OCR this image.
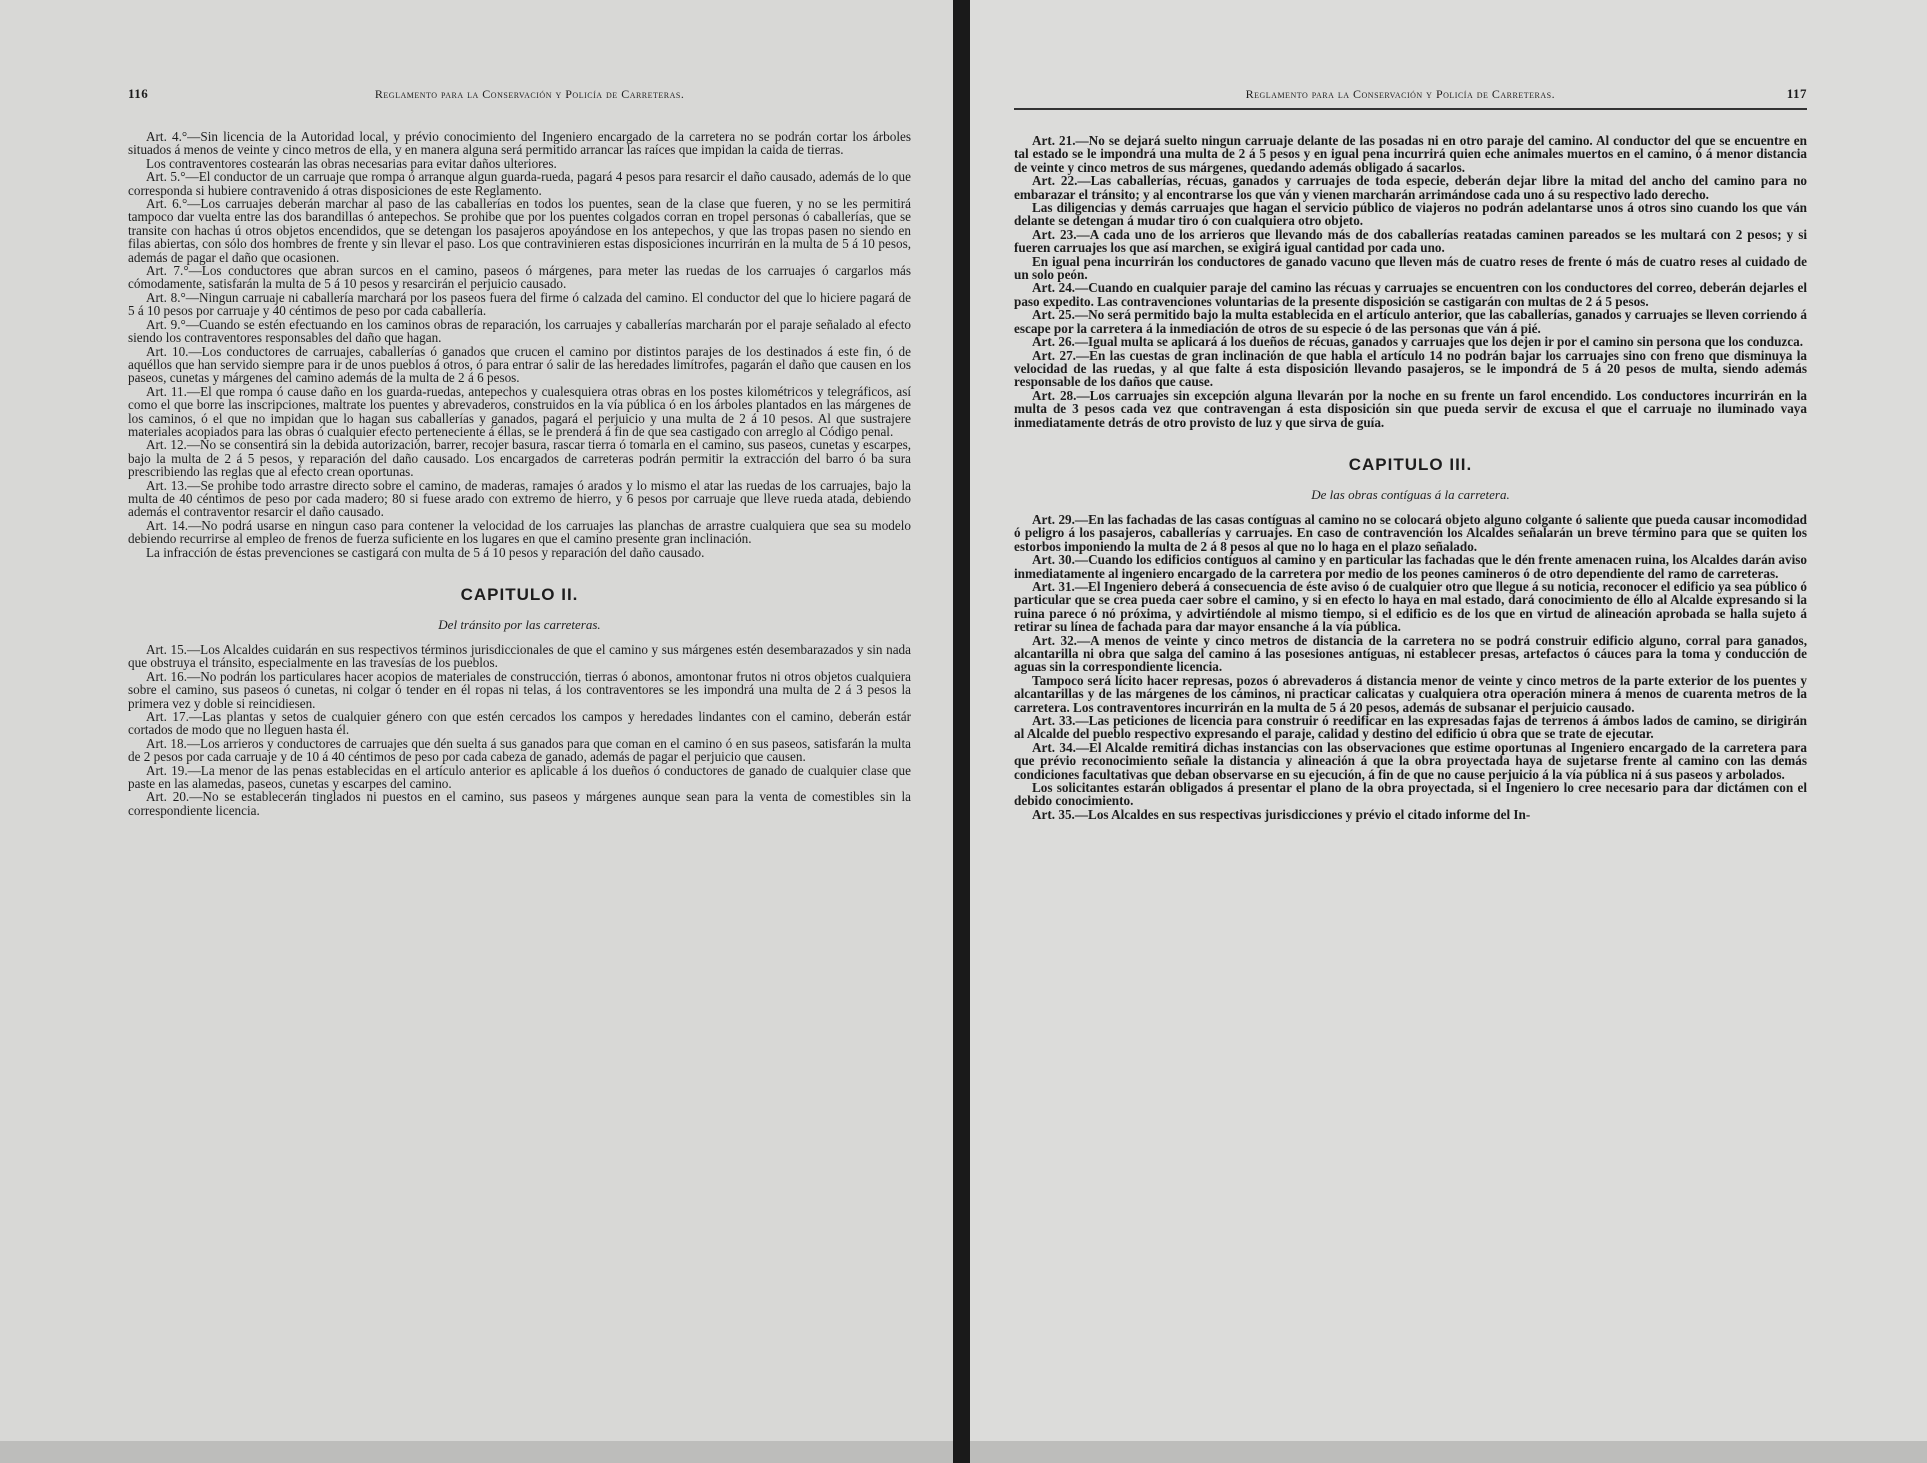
116	Reglamento para la Conservación y Policía de Carreteras.

Art. 4.°—Sin licencia de la Autoridad local, y prévio conocimiento del Ingeniero encargado de la carretera no se podrán cortar los árboles situados á menos de veinte y cinco metros de ella, y en manera alguna será permitido arrancar las raíces que impidan la caida de tierras.

Los contraventores costearán las obras necesarias para evitar daños ulteriores.

Art. 5.°—El conductor de un carruaje que rompa ó arranque algun guarda-rueda, pagará 4 pesos para resarcir el daño causado, además de lo que corresponda si hubiere contravenido á otras disposiciones de este Reglamento.

Art. 6.°—Los carruajes deberán marchar al paso de las caballerías en todos los puentes, sean de la clase que fueren, y no se les permitirá tampoco dar vuelta entre las dos barandillas ó antepechos. Se prohibe que por los puentes colgados corran en tropel personas ó caballerías, que se transite con hachas ú otros objetos encendidos, que se detengan los pasajeros apoyándose en los antepechos, y que las tropas pasen no siendo en filas abiertas, con sólo dos hombres de frente y sin llevar el paso. Los que contravinieren estas disposiciones incurrirán en la multa de 5 á 10 pesos, además de pagar el daño que ocasionen.

Art. 7.°—Los conductores que abran surcos en el camino, paseos ó márgenes, para meter las ruedas de los carruajes ó cargarlos más cómodamente, satisfarán la multa de 5 á 10 pesos y resarcirán el perjuicio causado.

Art. 8.°—Ningun carruaje ni caballería marchará por los paseos fuera del firme ó calzada del camino. El conductor del que lo hiciere pagará de 5 á 10 pesos por carruaje y 40 céntimos de peso por cada caballería.

Art. 9.°—Cuando se estén efectuando en los caminos obras de reparación, los carruajes y caballerías marcharán por el paraje señalado al efecto siendo los contraventores responsables del daño que hagan.

Art. 10.—Los conductores de carruajes, caballerías ó ganados que crucen el camino por distintos parajes de los destinados á este fin, ó de aquéllos que han servido siempre para ir de unos pueblos á otros, ó para entrar ó salir de las heredades limítrofes, pagarán el daño que causen en los paseos, cunetas y márgenes del camino además de la multa de 2 á 6 pesos.

Art. 11.—El que rompa ó cause daño en los guarda-ruedas, antepechos y cualesquiera otras obras en los postes kilométricos y telegráficos, así como el que borre las inscripciones, maltrate los puentes y abrevaderos, construidos en la vía pública ó en los árboles plantados en las márgenes de los caminos, ó el que no impidan que lo hagan sus caballerías y ganados, pagará el perjuicio y una multa de 2 á 10 pesos. Al que sustrajere materiales acopiados para las obras ó cualquier efecto perteneciente á éllas, se le prenderá á fin de que sea castigado con arreglo al Código penal.

Art. 12.—No se consentirá sin la debida autorización, barrer, recojer basura, rascar tierra ó tomarla en el camino, sus paseos, cunetas y escarpes, bajo la multa de 2 á 5 pesos, y reparación del daño causado. Los encargados de carreteras podrán permitir la extracción del barro ó ba sura prescribiendo las reglas que al efecto crean oportunas.

Art. 13.—Se prohibe todo arrastre directo sobre el camino, de maderas, ramajes ó arados y lo mismo el atar las ruedas de los carruajes, bajo la multa de 40 céntimos de peso por cada madero; 80 si fuese arado con extremo de hierro, y 6 pesos por carruaje que lleve rueda atada, debiendo además el contraventor resarcir el daño causado.

Art. 14.—No podrá usarse en ningun caso para contener la velocidad de los carruajes las planchas de arrastre cualquiera que sea su modelo debiendo recurrirse al empleo de frenos de fuerza suficiente en los lugares en que el camino presente gran inclinación.

La infracción de éstas prevenciones se castigará con multa de 5 á 10 pesos y reparación del daño causado.

CAPITULO II.
Del tránsito por las carreteras.

Art. 15.—Los Alcaldes cuidarán en sus respectivos términos jurisdiccionales de que el camino y sus márgenes estén desembarazados y sin nada que obstruya el tránsito, especialmente en las travesías de los pueblos.

Art. 16.—No podrán los particulares hacer acopios de materiales de construcción, tierras ó abonos, amontonar frutos ni otros objetos cualquiera sobre el camino, sus paseos ó cunetas, ni colgar ó tender en él ropas ni telas, á los contraventores se les impondrá una multa de 2 á 3 pesos la primera vez y doble si reincidiesen.

Art. 17.—Las plantas y setos de cualquier género con que estén cercados los campos y heredades lindantes con el camino, deberán estár cortados de modo que no lleguen hasta él.

Art. 18.—Los arrieros y conductores de carruajes que dén suelta á sus ganados para que coman en el camino ó en sus paseos, satisfarán la multa de 2 pesos por cada carruaje y de 10 á 40 céntimos de peso por cada cabeza de ganado, además de pagar el perjuicio que causen.

Art. 19.—La menor de las penas establecidas en el artículo anterior es aplicable á los dueños ó conductores de ganado de cualquier clase que paste en las alamedas, paseos, cunetas y escarpes del camino.

Art. 20.—No se establecerán tinglados ni puestos en el camino, sus paseos y márgenes aunque sean para la venta de comestibles sin la correspondiente licencia.

Reglamento para la Conservación y Policía de Carreteras.	117

Art. 21.—No se dejará suelto ningun carruaje delante de las posadas ni en otro paraje del camino. Al conductor del que se encuentre en tal estado se le impondrá una multa de 2 á 5 pesos y en igual pena incurrirá quien eche animales muertos en el camino, ó á menor distancia de veinte y cinco metros de sus márgenes, quedando además obligado á sacarlos.

Art. 22.—Las caballerías, récuas, ganados y carruajes de toda especie, deberán dejar libre la mitad del ancho del camino para no embarazar el tránsito; y al encontrarse los que ván y vienen marcharán arrimándose cada uno á su respectivo lado derecho.

Las diligencias y demás carruajes que hagan el servicio público de viajeros no podrán adelantarse unos á otros sino cuando los que ván delante se detengan á mudar tiro ó con cualquiera otro objeto.

Art. 23.—A cada uno de los arrieros que llevando más de dos caballerías reatadas caminen pareados se les multará con 2 pesos; y si fueren carruajes los que así marchen, se exigirá igual cantidad por cada uno.

En igual pena incurrirán los conductores de ganado vacuno que lleven más de cuatro reses de frente ó más de cuatro reses al cuidado de un solo peón.

Art. 24.—Cuando en cualquier paraje del camino las récuas y carruajes se encuentren con los conductores del correo, deberán dejarles el paso expedito. Las contravenciones voluntarias de la presente disposición se castigarán con multas de 2 á 5 pesos.

Art. 25.—No será permitido bajo la multa establecida en el artículo anterior, que las caballerías, ganados y carruajes se lleven corriendo á escape por la carretera á la inmediación de otros de su especie ó de las personas que ván á pié.

Art. 26.—Igual multa se aplicará á los dueños de récuas, ganados y carruajes que los dejen ir por el camino sin persona que los conduzca.

Art. 27.—En las cuestas de gran inclinación de que habla el artículo 14 no podrán bajar los carruajes sino con freno que disminuya la velocidad de las ruedas, y al que falte á esta disposición llevando pasajeros, se le impondrá de 5 á 20 pesos de multa, siendo además responsable de los daños que cause.

Art. 28.—Los carruajes sin excepción alguna llevarán por la noche en su frente un farol encendido. Los conductores incurrirán en la multa de 3 pesos cada vez que contravengan á esta disposición sin que pueda servir de excusa el que el carruaje no iluminado vaya inmediatamente detrás de otro provisto de luz y que sirva de guía.

CAPITULO III.
De las obras contíguas á la carretera.

Art. 29.—En las fachadas de las casas contíguas al camino no se colocará objeto alguno colgante ó saliente que pueda causar incomodidad ó peligro á los pasajeros, caballerías y carruajes. En caso de contravención los Alcaldes señalarán un breve término para que se quiten los estorbos imponiendo la multa de 2 á 8 pesos al que no lo haga en el plazo señalado.

Art. 30.—Cuando los edificios contíguos al camino y en particular las fachadas que le dén frente amenacen ruina, los Alcaldes darán aviso inmediatamente al ingeniero encargado de la carretera por medio de los peones camineros ó de otro dependiente del ramo de carreteras.

Art. 31.—El Ingeniero deberá á consecuencia de éste aviso ó de cualquier otro que llegue á su noticia, reconocer el edificio ya sea público ó particular que se crea pueda caer sobre el camino, y si en efecto lo haya en mal estado, dará conocimiento de éllo al Alcalde expresando si la ruina parece ó nó próxima, y advirtiéndole al mismo tiempo, si el edificio es de los que en virtud de alineación aprobada se halla sujeto á retirar su línea de fachada para dar mayor ensanche á la vía pública.

Art. 32.—A menos de veinte y cinco metros de distancia de la carretera no se podrá construir edificio alguno, corral para ganados, alcantarilla ni obra que salga del camino á las posesiones antíguas, ni establecer presas, artefactos ó cáuces para la toma y conducción de aguas sin la correspondiente licencia.

Tampoco será lícito hacer represas, pozos ó abrevaderos á distancia menor de veinte y cinco metros de la parte exterior de los puentes y alcantarillas y de las márgenes de los cáminos, ni practicar calicatas y cualquiera otra operación minera á menos de cuarenta metros de la carretera. Los contraventores incurrirán en la multa de 5 á 20 pesos, además de subsanar el perjuicio causado.

Art. 33.—Las peticiones de licencia para construir ó reedificar en las expresadas fajas de terrenos á ámbos lados de camino, se dirigirán al Alcalde del pueblo respectivo expresando el paraje, calidad y destino del edificio ú obra que se trate de ejecutar.

Art. 34.—El Alcalde remitirá dichas instancias con las observaciones que estime oportunas al Ingeniero encargado de la carretera para que prévio reconocimiento señale la distancia y alineación á que la obra proyectada haya de sujetarse frente al camino con las demás condiciones facultativas que deban observarse en su ejecución, á fin de que no cause perjuicio á la vía pública ni á sus paseos y arbolados.

Los solicitantes estarán obligados á presentar el plano de la obra proyectada, si el Ingeniero lo cree necesario para dar dictámen con el debido conocimiento.

Art. 35.—Los Alcaldes en sus respectivas jurisdicciones y prévio el citado informe del In-
